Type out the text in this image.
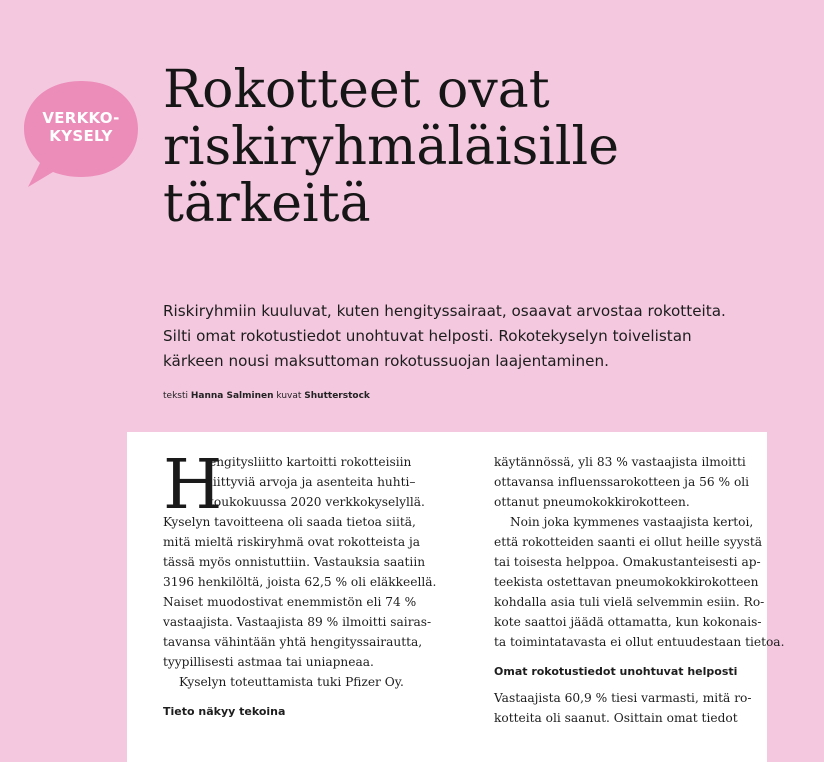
VERKKO-
KYSELY
Rokotteet ovat
riskiryhmäläisille
tärkeitä

Riskiryhmiin kuuluvat, kuten hengityssairaat, osaavat arvostaa rokotteita.
Silti omat rokotustiedot unohtuvat helposti. Rokotekyselyn toivelistan
kärkeen nousi maksuttoman rokotussuojan laajentaminen.

teksti Hanna Salminen kuvat Shutterstock
H
engitysliitto kartoitti rokotteisiin
liittyviä arvoja ja asenteita huhti–
toukokuussa 2020 verkkokyselyllä.
Kyselyn tavoitteena oli saada tietoa siitä,
mitä mieltä riskiryhmä ovat rokotteista ja
tässä myös onnistuttiin. Vastauksia saatiin
3196 henkilöltä, joista 62,5 % oli eläkkeellä.
Naiset muodostivat enemmistön eli 74 %
vastaajista. Vastaajista 89 % ilmoitti sairas-
tavansa vähintään yhtä hengityssairautta,
tyypillisesti astmaa tai uniapneaa.
Kyselyn toteuttamista tuki Pfizer Oy.
Tieto näkyy tekoina
käytännössä, yli 83 % vastaajista ilmoitti
ottavansa influenssarokotteen ja 56 % oli
ottanut pneumokokkirokotteen.
Noin joka kymmenes vastaajista kertoi,
että rokotteiden saanti ei ollut heille syystä
tai toisesta helppoa. Omakustanteisesti ap-
teekista ostettavan pneumokokkirokotteen
kohdalla asia tuli vielä selvemmin esiin. Ro-
kote saattoi jäädä ottamatta, kun kokonais-
ta toimintatavasta ei ollut entuudestaan tietoa.
Omat rokotustiedot unohtuvat helposti
Vastaajista 60,9 % tiesi varmasti, mitä ro-
kotteita oli saanut. Osittain omat tiedot
